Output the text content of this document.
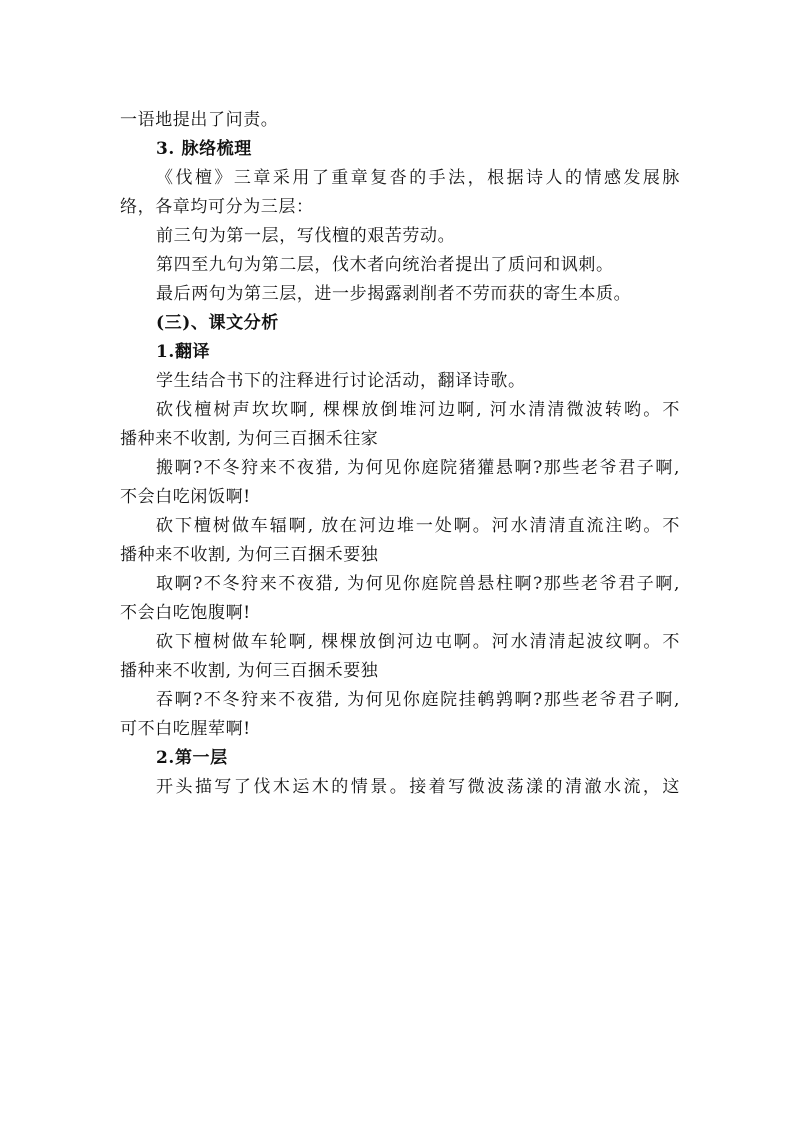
一语地提出了问责。

3. 脉络梳理

《伐檀》三章采用了重章复沓的手法，根据诗人的情感发展脉

络，各章均可分为三层：

前三句为第一层，写伐檀的艰苦劳动。

第四至九句为第二层，伐木者向统治者提出了质问和讽刺。

最后两句为第三层，进一步揭露剥削者不劳而获的寄生本质。

(三)、课文分析

1.翻译

学生结合书下的注释进行讨论活动，翻译诗歌。

砍伐檀树声坎坎啊, 棵棵放倒堆河边啊, 河水清清微波转哟。不

播种来不收割, 为何三百捆禾往家

搬啊?不冬狩来不夜猎, 为何见你庭院猪獾悬啊?那些老爷君子啊,

不会白吃闲饭啊!

砍下檀树做车辐啊, 放在河边堆一处啊。河水清清直流注哟。不

播种来不收割, 为何三百捆禾要独

取啊?不冬狩来不夜猎, 为何见你庭院兽悬柱啊?那些老爷君子啊,

不会白吃饱腹啊!

砍下檀树做车轮啊, 棵棵放倒河边屯啊。河水清清起波纹啊。不

播种来不收割, 为何三百捆禾要独

吞啊?不冬狩来不夜猎, 为何见你庭院挂鹌鹑啊?那些老爷君子啊,

可不白吃腥荤啊!

2.第一层

开头描写了伐木运木的情景。接着写微波荡漾的清澈水流，这
